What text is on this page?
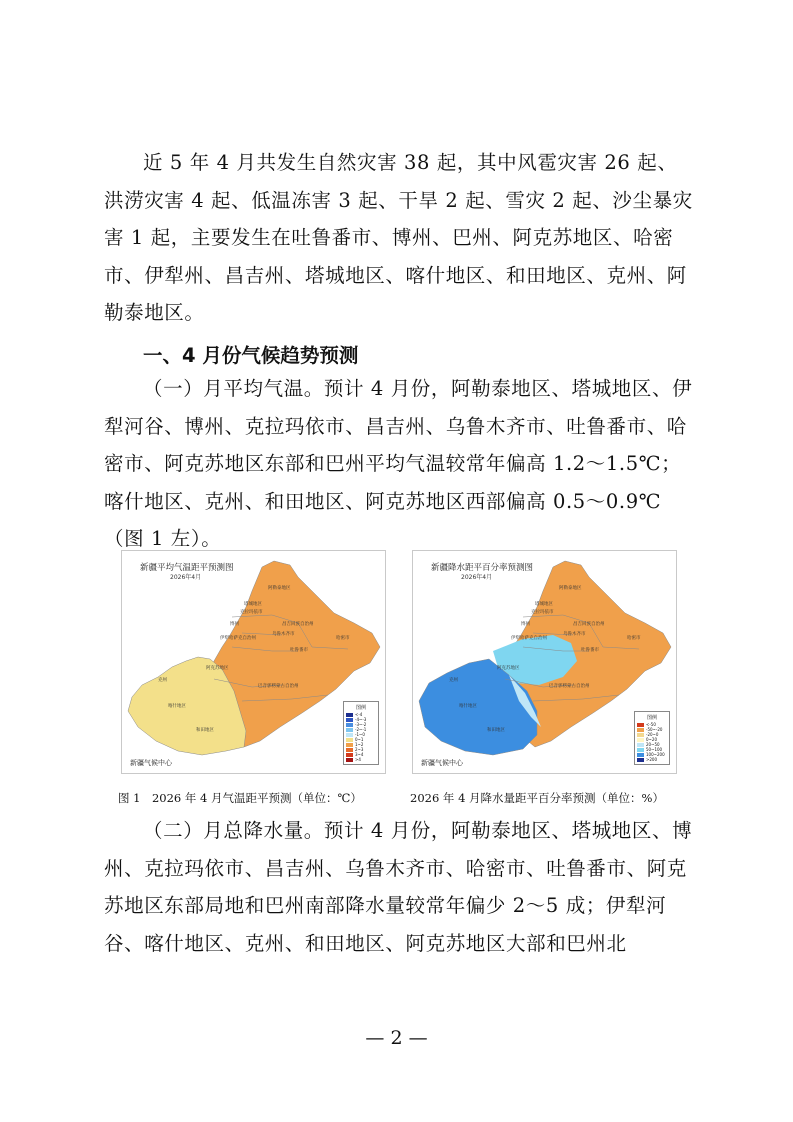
近 5 年 4 月共发生自然灾害 38 起，其中风雹灾害 26 起、洪涝灾害 4 起、低温冻害 3 起、干旱 2 起、雪灾 2 起、沙尘暴灾害 1 起，主要发生在吐鲁番市、博州、巴州、阿克苏地区、哈密市、伊犁州、昌吉州、塔城地区、喀什地区、和田地区、克州、阿勒泰地区。

一、4 月份气候趋势预测

（一）月平均气温。预计 4 月份，阿勒泰地区、塔城地区、伊犁河谷、博州、克拉玛依市、昌吉州、乌鲁木齐市、吐鲁番市、哈密市、阿克苏地区东部和巴州平均气温较常年偏高 1.2～1.5℃；喀什地区、克州、和田地区、阿克苏地区西部偏高 0.5～0.9℃（图 1 左）。

新疆平均气温距平预测图
2026年4月
阿勒泰地区
塔城地区
克拉玛依市
博州
伊犁哈萨克自治州
昌吉回族自治州
乌鲁木齐市
吐鲁番市
哈密市
阿克苏地区
克州
喀什地区
和田地区
巴音郭楞蒙古自治州
新疆气候中心
图例
<-4
-4~-3
-3~-2
-2~-1
-1~0
0~1
1~2
2~3
3~4
>4
新疆降水距平百分率预测图
2026年4月
阿勒泰地区
塔城地区
克拉玛依市
博州
伊犁哈萨克自治州
昌吉回族自治州
乌鲁木齐市
吐鲁番市
哈密市
阿克苏地区
克州
喀什地区
和田地区
巴音郭楞蒙古自治州
新疆气候中心
图例
<-50
-50~-20
-20~0
0~20
20~50
50~100
100~200
>200
图 1　2026 年 4 月气温距平预测（单位：℃）	2026 年 4 月降水量距平百分率预测（单位：%）

（二）月总降水量。预计 4 月份，阿勒泰地区、塔城地区、博州、克拉玛依市、昌吉州、乌鲁木齐市、哈密市、吐鲁番市、阿克苏地区东部局地和巴州南部降水量较常年偏少 2～5 成；伊犁河谷、喀什地区、克州、和田地区、阿克苏地区大部和巴州北

— 2 —
